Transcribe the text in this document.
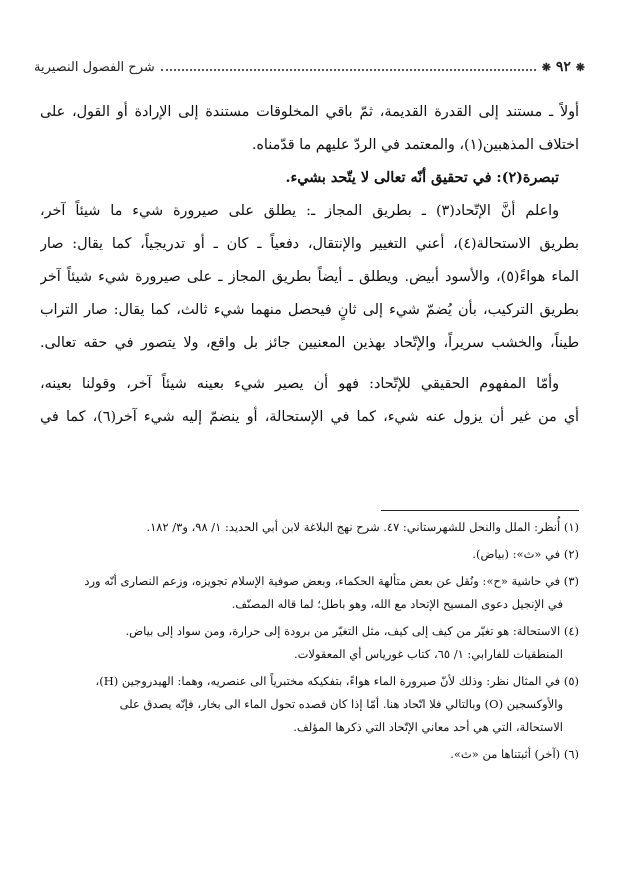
❋ ٩٢ ❋
شرح الفصول النصيرية
أولاً ـ مستند إلى القدرة القديمة، ثمّ باقي المخلوقات مستندة إلى الإرادة أو القول، على
اختلاف المذهبين(١)، والمعتمد في الردّ عليهم ما قدّمناه.
تبصرة(٢): في تحقيق أنّه تعالى لا يتّحد بشيء.
واعلم أنَّ الإتّحاد(٣) ـ بطريق المجاز ـ: يطلق على صيرورة شيء ما شيئاً آخر،
بطريق الاستحالة(٤)، أعني التغيير والإنتقال، دفعياً ـ كان ـ أو تدريجياً، كما يقال: صار
الماء هواءً(٥)، والأسود أبيض. ويطلق ـ أيضاً بطريق المجاز ـ على صيرورة شيء شيئاً آخر
بطريق التركيب، بأن يُضمّ شيء إلى ثانٍ فيحصل منهما شيء ثالث، كما يقال: صار التراب
طيناً، والخشب سريراً، والإتّحاد بهذين المعنيين جائز بل واقع، ولا يتصور في حقه تعالى.
وأمّا المفهوم الحقيقي للإتّحاد: فهو أن يصير شيء بعينه شيئاً آخر، وقولنا بعينه،
أي من غير أن يزول عنه شيء، كما في الإستحالة، أو ينضمّ إليه شيء آخر(٦)، كما في
(١) أُنظر: الملل والنحل للشهرستاني: ٤٧. شرح نهج البلاغة لابن أبي الحديد: ١/ ٩٨، و٣/ ١٨٢.
(٢) في «ث»: (بياض).
(٣) في حاشية «ح»: ونُقل عن بعض متألهة الحكماء، وبعض صوفية الإسلام تجويزه، وزعم النصارى أنّه ورد
في الإنجيل دعوى المسيح الإتحاد مع الله، وهو باطل؛ لما قاله المصنّف.
(٤) الاستحالة: هو تغيّر من كيف إلى كيف، مثل التغيّر من برودة إلى حرارة، ومن سواد إلى بياض.
المنطقيات للفارابي: ١/ ٦٥، كتاب غورياس أي المعقولات.
(٥) في المثال نظر: وذلك لأنّ صيرورة الماء هواءً، بتفكيكه مختبرياً الى عنصريه، وهما: الهيدروجين (H)،
والأوكسجين (O) وبالتالي فلا اتّحاد هنا. أمّا إذا كان قصده تحول الماء الى بخار، فإنّه يصدق على
الاستحالة، التي هي أحد معاني الإتّحاد التي ذكرها المؤلف.
(٦) (آخر) أثبتناها من «ث».
